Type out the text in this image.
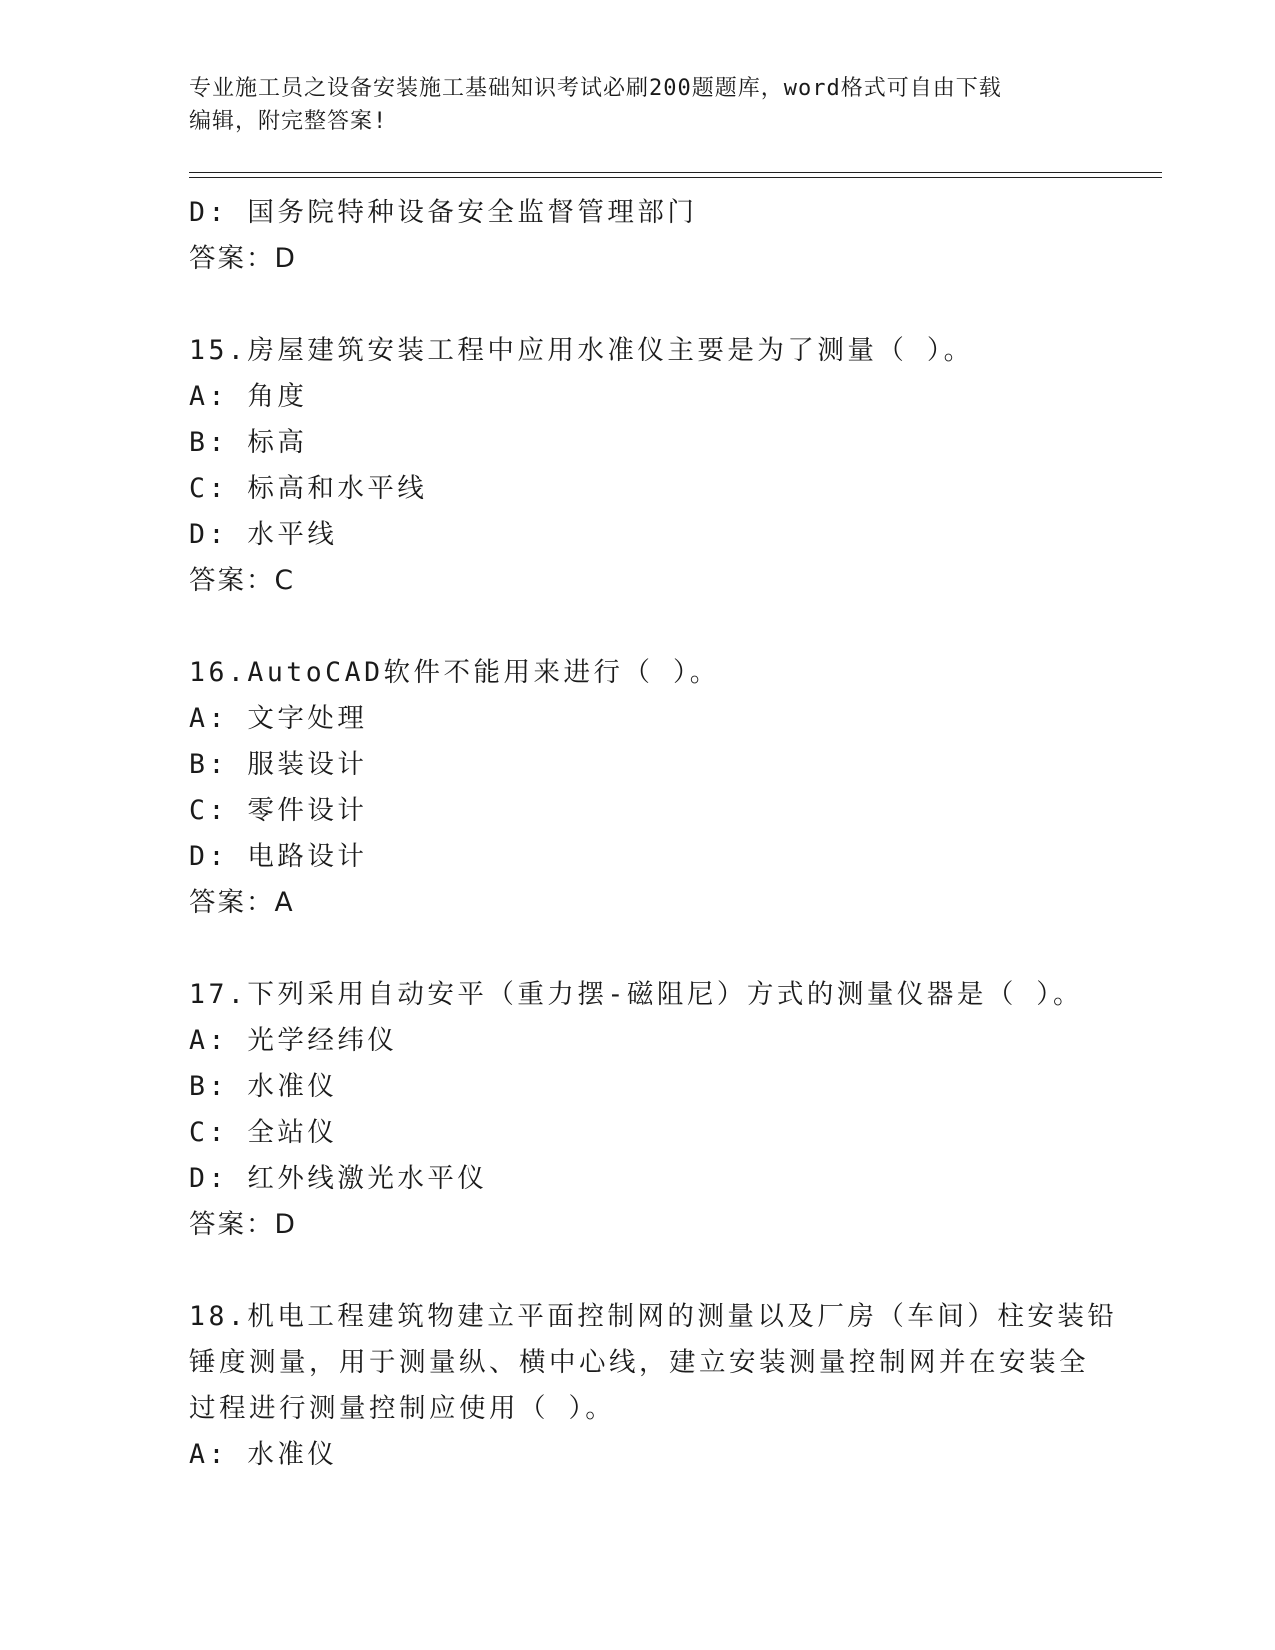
专业施工员之设备安装施工基础知识考试必刷200题题库，word格式可自由下载
编辑，附完整答案!
D: 国务院特种设备安全监督管理部门
答案：D
15.房屋建筑安装工程中应用水准仪主要是为了测量（ ）。
A: 角度
B: 标高
C: 标高和水平线
D: 水平线
答案：C
16.AutoCAD软件不能用来进行（ ）。
A: 文字处理
B: 服装设计
C: 零件设计
D: 电路设计
答案：A
17.下列采用自动安平（重力摆-磁阻尼）方式的测量仪器是（ ）。
A: 光学经纬仪
B: 水准仪
C: 全站仪
D: 红外线激光水平仪
答案：D
18.机电工程建筑物建立平面控制网的测量以及厂房（车间）柱安装铅
锤度测量，用于测量纵、横中心线，建立安装测量控制网并在安装全
过程进行测量控制应使用（ ）。
A: 水准仪
